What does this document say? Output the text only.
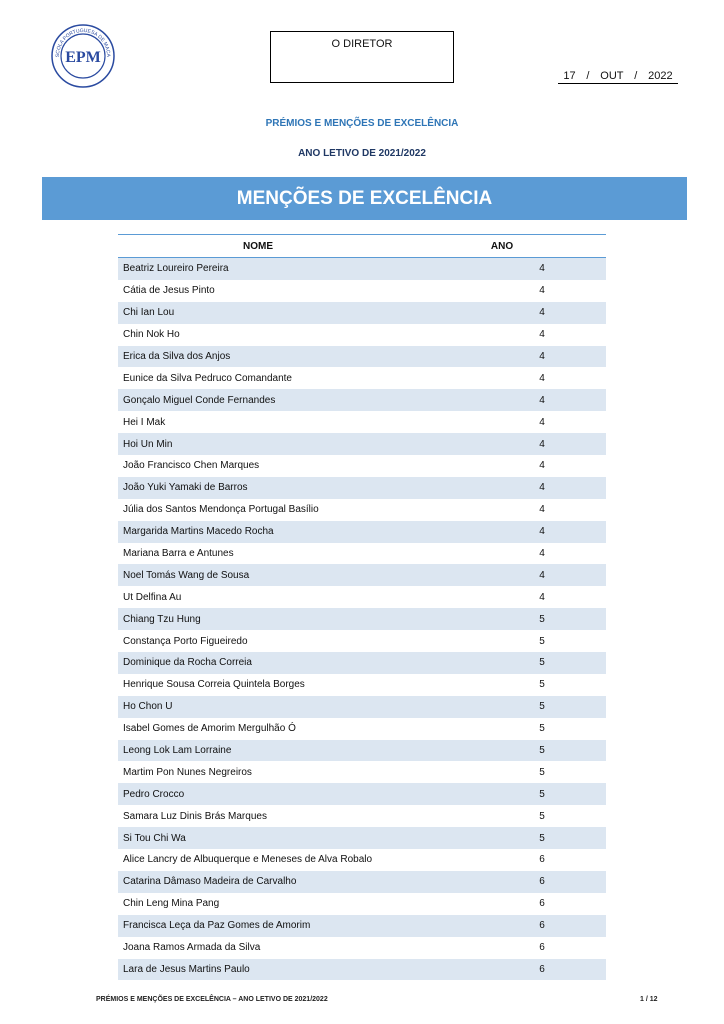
SCOLA PORTUGUESA DE MACA
EPM
O DIRETOR
17 / OUT / 2022
PRÉMIOS E MENÇÕES DE EXCELÊNCIA
ANO LETIVO DE 2021/2022
MENÇÕES DE EXCELÊNCIA
NOME	ANO
Beatriz Loureiro Pereira	4
Cátia de Jesus Pinto	4
Chi Ian Lou	4
Chin Nok Ho	4
Erica da Silva dos Anjos	4
Eunice da Silva Pedruco Comandante	4
Gonçalo Miguel Conde Fernandes	4
Hei I Mak	4
Hoi Un Min	4
João Francisco Chen Marques	4
João Yuki Yamaki de Barros	4
Júlia dos Santos Mendonça Portugal Basílio	4
Margarida Martins Macedo Rocha	4
Mariana Barra e Antunes	4
Noel Tomás Wang de Sousa	4
Ut Delfina Au	4
Chiang Tzu Hung	5
Constança Porto Figueiredo	5
Dominique da Rocha Correia	5
Henrique Sousa Correia Quintela Borges	5
Ho Chon U	5
Isabel Gomes de Amorim Mergulhão Ó	5
Leong Lok Lam Lorraine	5
Martim Pon Nunes Negreiros	5
Pedro Crocco	5
Samara Luz Dinis Brás Marques	5
Si Tou Chi Wa	5
Alice Lancry de Albuquerque e Meneses de Alva Robalo	6
Catarina Dâmaso Madeira de Carvalho	6
Chin Leng Mina Pang	6
Francisca Leça da Paz Gomes de Amorim	6
Joana Ramos Armada da Silva	6
Lara de Jesus Martins Paulo	6
PRÉMIOS E MENÇÕES DE EXCELÊNCIA – ANO LETIVO DE 2021/2022	1 / 12
